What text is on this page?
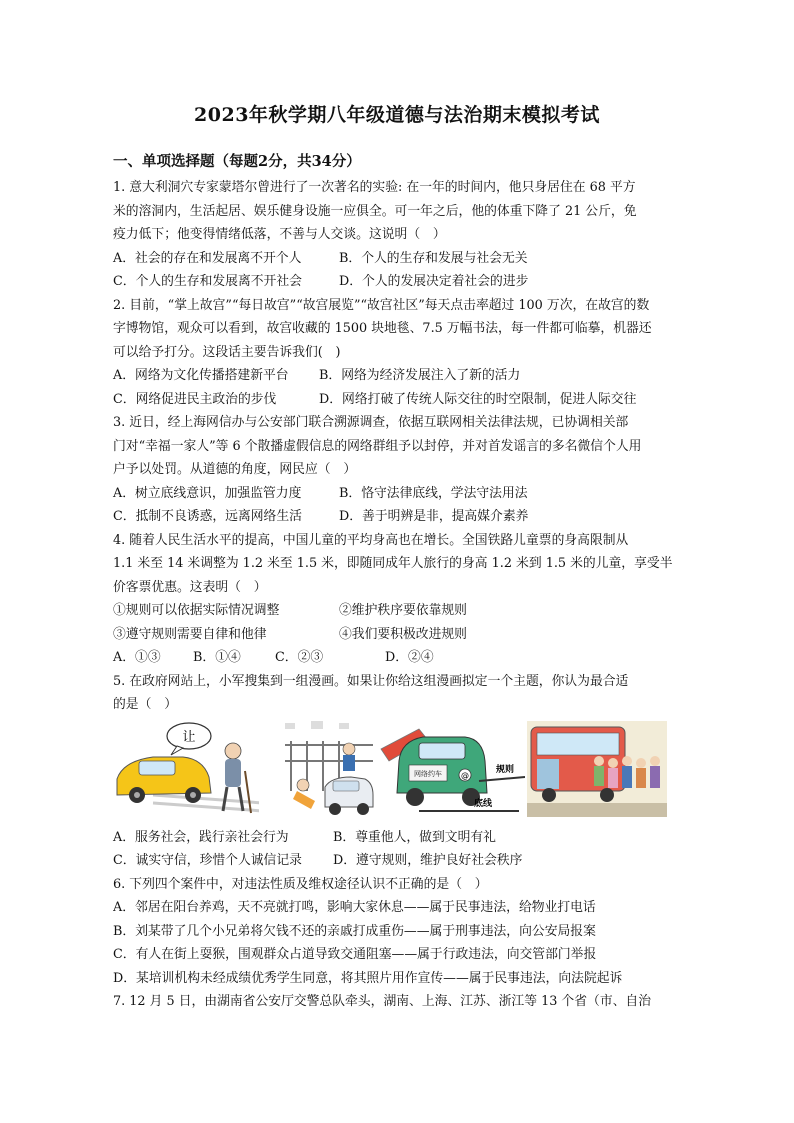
2023年秋学期八年级道德与法治期末模拟考试
一、单项选择题（每题2分，共34分）
1. 意大利洞穴专家蒙塔尔曾进行了一次著名的实验: 在一年的时间内，他只身居住在 68 平方
米的溶洞内，生活起居、娱乐健身设施一应俱全。可一年之后，他的体重下降了 21 公斤，免
疫力低下；他变得情绪低落，不善与人交谈。这说明（　）
A．社会的存在和发展离不开个人	B．个人的生存和发展与社会无关
C．个人的生存和发展离不开社会	D．个人的发展决定着社会的进步
2. 目前，“掌上故宫”“每日故宫”“故宫展览”“故宫社区”每天点击率超过 100 万次，在故宫的数
字博物馆，观众可以看到，故宫收藏的 1500 块地毯、7.5 万幅书法，每一件都可临摹，机器还
可以给予打分。这段话主要告诉我们(　)
A．网络为文化传播搭建新平台	B．网络为经济发展注入了新的活力
C．网络促进民主政治的步伐	D．网络打破了传统人际交往的时空限制，促进人际交往
3. 近日，经上海网信办与公安部门联合溯源调查，依据互联网相关法律法规，已协调相关部
门对“幸福一家人”等 6 个散播虚假信息的网络群组予以封停，并对首发谣言的多名微信个人用
户予以处罚。从道德的角度，网民应（　）
A．树立底线意识，加强监管力度	B．恪守法律底线，学法守法用法
C．抵制不良诱惑，远离网络生活	D．善于明辨是非，提高媒介素养
4. 随着人民生活水平的提高，中国儿童的平均身高也在增长。全国铁路儿童票的身高限制从
1.1 米至 14 米调整为 1.2 米至 1.5 米，即随同成年人旅行的身高 1.2 米到 1.5 米的儿童，享受半
价客票优惠。这表明（　）
①规则可以依据实际情况调整	②维护秩序要依靠规则
③遵守规则需要自律和他律	④我们要积极改进规则
A．①③	B．①④	C．②③	D．②④
5. 在政府网站上，小军搜集到一组漫画。如果让你给这组漫画拟定一个主题，你认为最合适
的是（　）
让
网络约车 @
规则
底线
A．服务社会，践行亲社会行为	B．尊重他人，做到文明有礼
C．诚实守信，珍惜个人诚信记录	D．遵守规则，维护良好社会秩序
6. 下列四个案件中，对违法性质及维权途径认识不正确的是（　）
A．邻居在阳台养鸡，天不亮就打鸣，影响大家休息——属于民事违法，给物业打电话
B．刘某带了几个小兄弟将欠钱不还的亲戚打成重伤——属于刑事违法，向公安局报案
C．有人在街上耍猴，围观群众占道导致交通阻塞——属于行政违法，向交管部门举报
D．某培训机构未经成绩优秀学生同意，将其照片用作宣传——属于民事违法，向法院起诉
7. 12 月 5 日，由湖南省公安厅交警总队牵头，湖南、上海、江苏、浙江等 13 个省（市、自治
